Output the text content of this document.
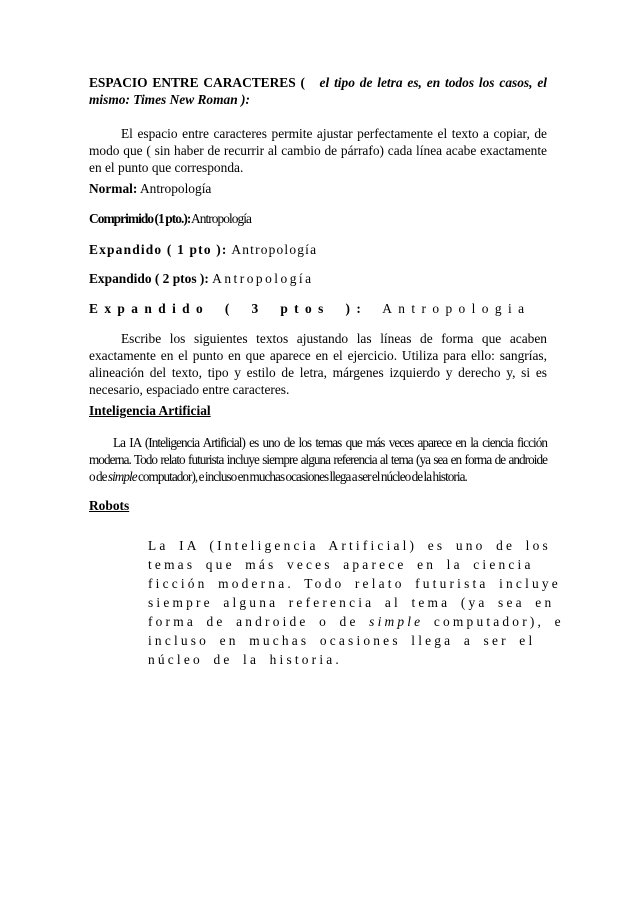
ESPACIO ENTRE CARACTERES ( el tipo de letra es, en todos los casos, el
mismo: Times New Roman ):
El espacio entre caracteres permite ajustar perfectamente el texto a copiar, de modo que ( sin haber de recurrir al cambio de párrafo) cada línea acabe exactamente en el punto que corresponda.
Normal: Antropología
Comprimido (1 pto.): Antropología
Expandido ( 1 pto ): Antropología
Expandido ( 2 ptos ): Antropología
Expandido ( 3 ptos ): Antropologia
Escribe los siguientes textos ajustando las líneas de forma que acaben exactamente en el punto en que aparece en el ejercicio. Utiliza para ello: sangrías, alineación del texto, tipo y estilo de letra, márgenes izquierdo y derecho y, si es necesario, espaciado entre caracteres.
Inteligencia Artificial
La IA (Inteligencia Artificial) es uno de los temas que más veces aparece en la ciencia ficción
moderna. Todo relato futurista incluye siempre alguna referencia al tema (ya sea en forma de androide
o de simple computador), e incluso en muchas ocasiones llega a ser el núcleo de la historia.
Robots
La IA (Inteligencia Artificial) es uno de los
temas que más veces aparece en la ciencia
ficción moderna. Todo relato futurista incluye
siempre alguna referencia al tema (ya sea en
forma de androide o de simple computador), e
incluso en muchas ocasiones llega a ser el
núcleo de la historia.
